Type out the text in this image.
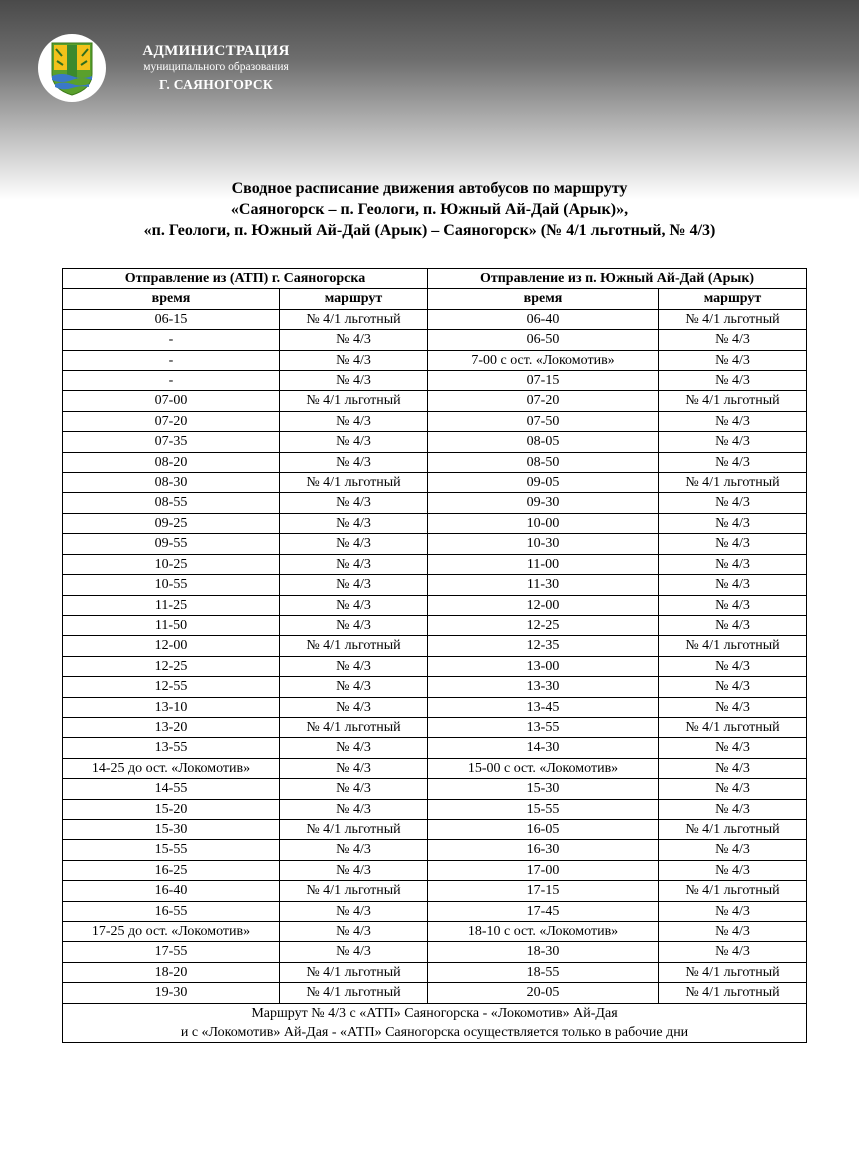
АДМИНИСТРАЦИЯ
муниципального образования
Г. САЯНОГОРСК
Сводное расписание движения автобусов по маршруту
«Саяногорск – п. Геологи, п. Южный Ай-Дай (Арык)»,
«п. Геологи, п. Южный Ай-Дай (Арык) – Саяногорск» (№ 4/1 льготный, № 4/3)
Отправление из (АТП) г. Саяногорска		Отправление из п. Южный Ай-Дай (Арык)	
время	маршрут	время	маршрут
06-15	№ 4/1 льготный	06-40	№ 4/1 льготный
-	№ 4/3	06-50	№ 4/3
-	№ 4/3	7-00 с ост. «Локомотив»	№ 4/3
-	№ 4/3	07-15	№ 4/3
07-00	№ 4/1 льготный	07-20	№ 4/1 льготный
07-20	№ 4/3	07-50	№ 4/3
07-35	№ 4/3	08-05	№ 4/3
08-20	№ 4/3	08-50	№ 4/3
08-30	№ 4/1 льготный	09-05	№ 4/1 льготный
08-55	№ 4/3	09-30	№ 4/3
09-25	№ 4/3	10-00	№ 4/3
09-55	№ 4/3	10-30	№ 4/3
10-25	№ 4/3	11-00	№ 4/3
10-55	№ 4/3	11-30	№ 4/3
11-25	№ 4/3	12-00	№ 4/3
11-50	№ 4/3	12-25	№ 4/3
12-00	№ 4/1 льготный	12-35	№ 4/1 льготный
12-25	№ 4/3	13-00	№ 4/3
12-55	№ 4/3	13-30	№ 4/3
13-10	№ 4/3	13-45	№ 4/3
13-20	№ 4/1 льготный	13-55	№ 4/1 льготный
13-55	№ 4/3	14-30	№ 4/3
14-25 до ост. «Локомотив»	№ 4/3	15-00 с ост. «Локомотив»	№ 4/3
14-55	№ 4/3	15-30	№ 4/3
15-20	№ 4/3	15-55	№ 4/3
15-30	№ 4/1 льготный	16-05	№ 4/1 льготный
15-55	№ 4/3	16-30	№ 4/3
16-25	№ 4/3	17-00	№ 4/3
16-40	№ 4/1 льготный	17-15	№ 4/1 льготный
16-55	№ 4/3	17-45	№ 4/3
17-25 до ост. «Локомотив»	№ 4/3	18-10 с ост. «Локомотив»	№ 4/3
17-55	№ 4/3	18-30	№ 4/3
18-20	№ 4/1 льготный	18-55	№ 4/1 льготный
19-30	№ 4/1 льготный	20-05	№ 4/1 льготный

Маршрут № 4/3 с «АТП» Саяногорска - «Локомотив» Ай-Дая
и с «Локомотив» Ай-Дая - «АТП» Саяногорска осуществляется только в рабочие дни			
